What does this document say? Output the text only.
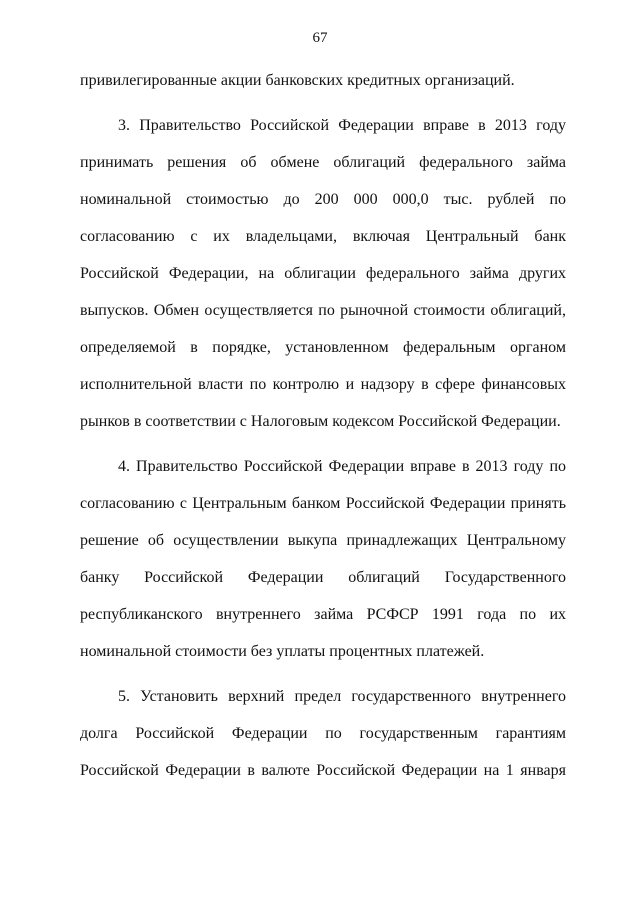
67

привилегированные акции банковских кредитных организаций.

3. Правительство Российской Федерации вправе в 2013 году принимать решения об обмене облигаций федерального займа номинальной стоимостью до 200 000 000,0 тыс. рублей по согласованию с их владельцами, включая Центральный банк Российской Федерации, на облигации федерального займа других выпусков. Обмен осуществляется по рыночной стоимости облигаций, определяемой в порядке, установленном федеральным органом исполнительной власти по контролю и надзору в сфере финансовых рынков в соответствии с Налоговым кодексом Российской Федерации.

4. Правительство Российской Федерации вправе в 2013 году по согласованию с Центральным банком Российской Федерации принять решение об осуществлении выкупа принадлежащих Центральному банку Российской Федерации облигаций Государственного республиканского внутреннего займа РСФСР 1991 года по их номинальной стоимости без уплаты процентных платежей.

5. Установить верхний предел государственного внутреннего долга Российской Федерации по государственным гарантиям Российской Федерации в валюте Российской Федерации на 1 января
